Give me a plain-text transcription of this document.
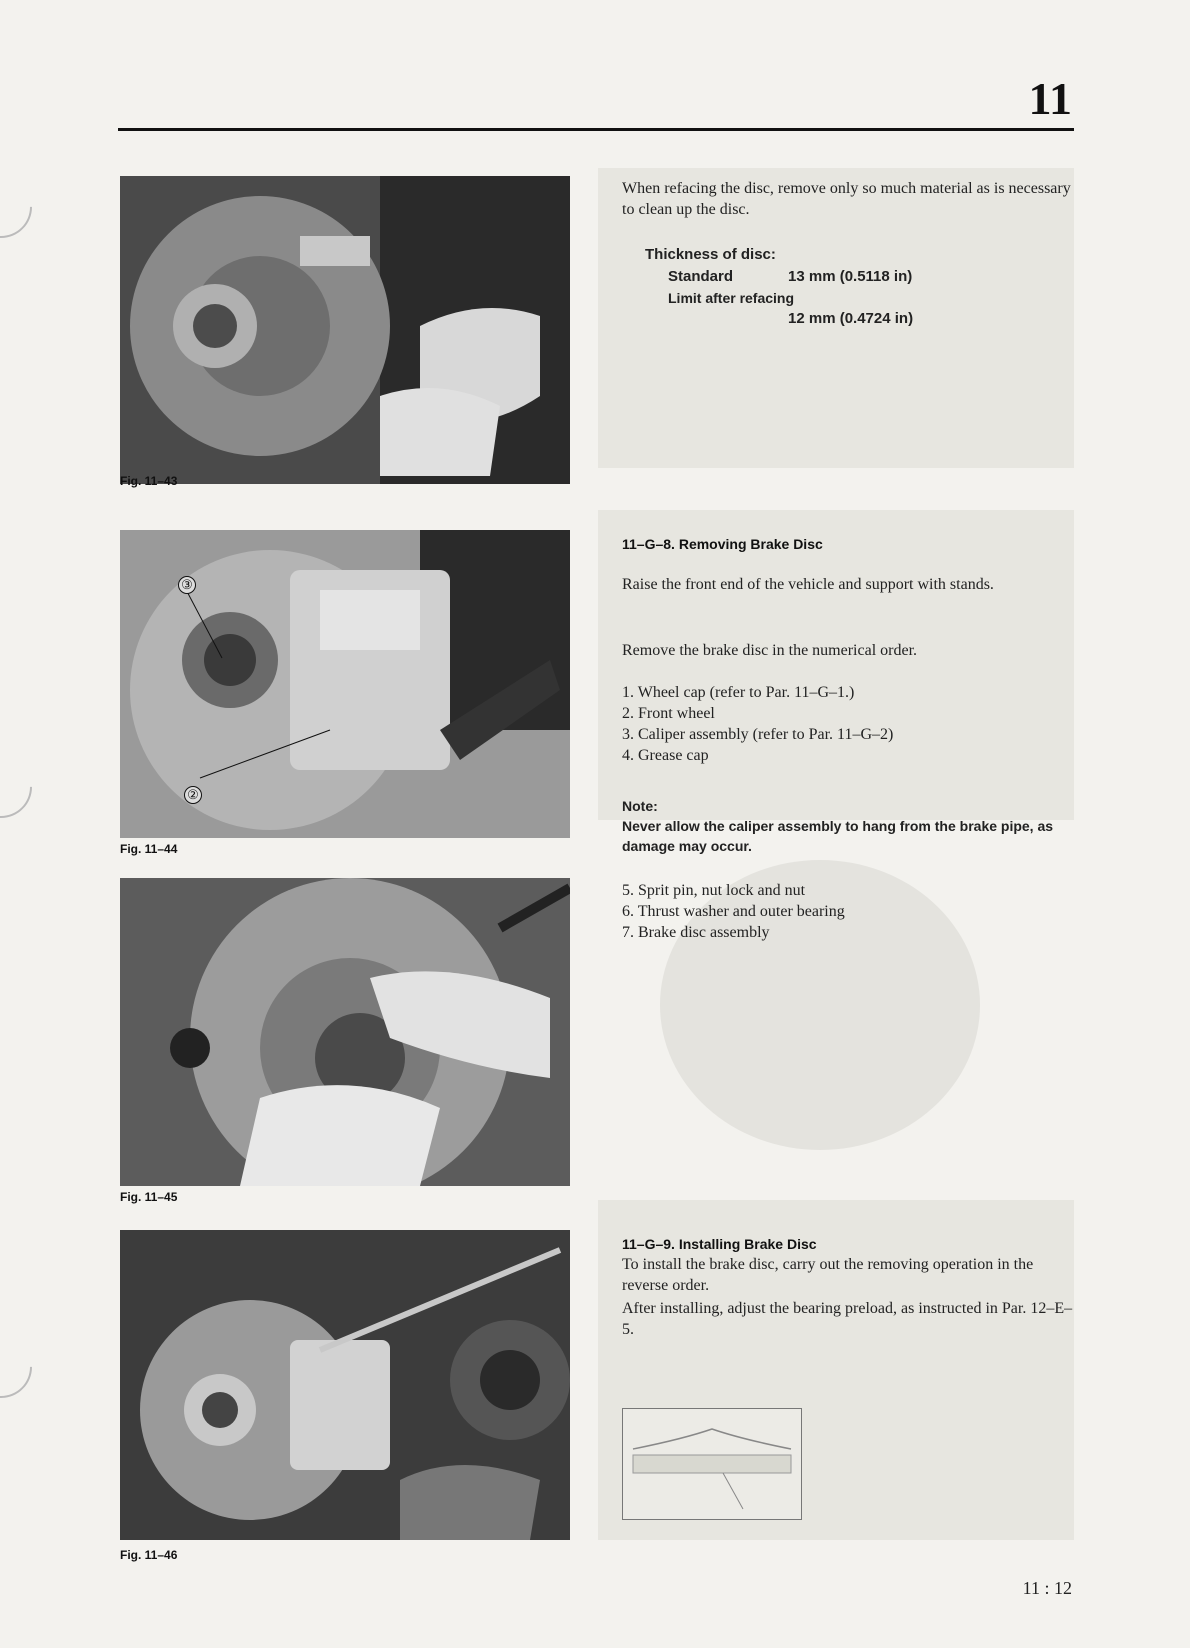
11
Fig. 11–43
③
②
Fig. 11–44
Fig. 11–45
Fig. 11–46
When refacing the disc, remove only so much material as is necessary to clean up the disc.
Thickness of disc:
Standard	13 mm (0.5118 in)
Limit after refacing
12 mm (0.4724 in)
11–G–8. Removing Brake Disc
Raise the front end of the vehicle and support with stands.
Remove the brake disc in the numerical order.
1. Wheel cap (refer to Par. 11–G–1.)
2. Front wheel
3. Caliper assembly (refer to Par. 11–G–2)
4. Grease cap
Note:
Never allow the caliper assembly to hang from the brake pipe, as damage may occur.
5. Sprit pin, nut lock and nut
6. Thrust washer and outer bearing
7. Brake disc assembly
11–G–9. Installing Brake Disc
To install the brake disc, carry out the removing operation in the reverse order.
After installing, adjust the bearing preload, as instructed in Par. 12–E–5.
11 : 12
